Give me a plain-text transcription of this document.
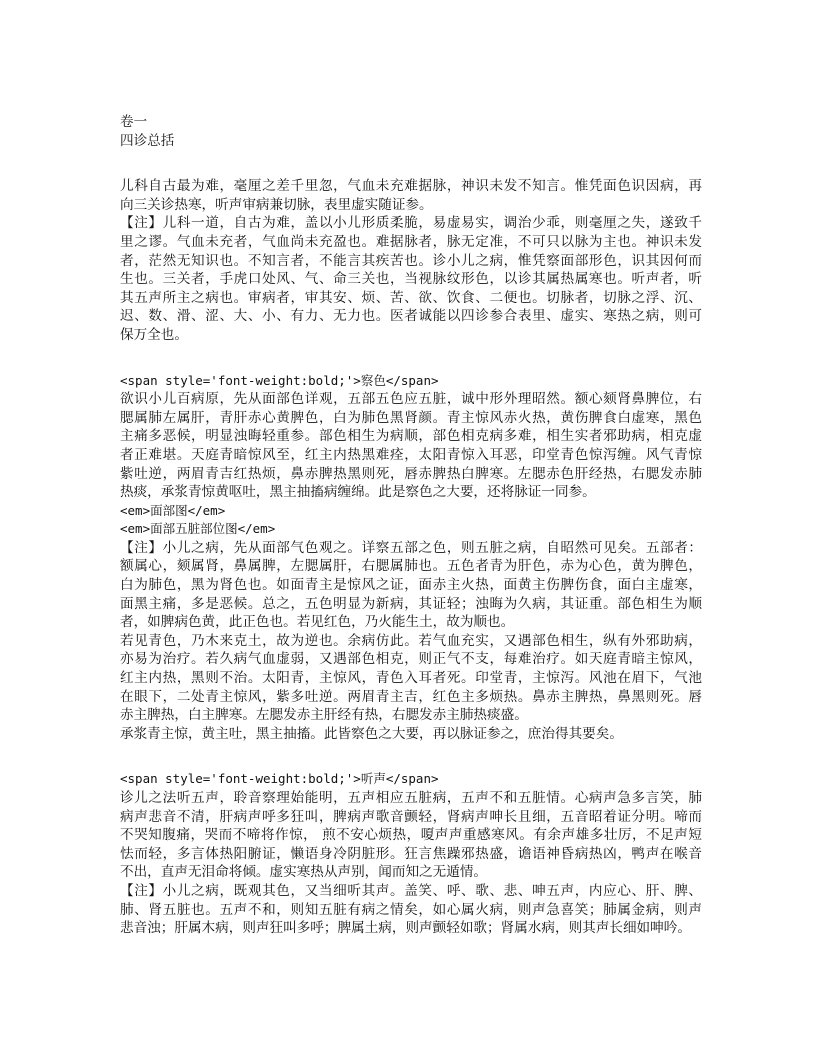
卷一
四诊总括
儿科自古最为难，毫厘之差千里忽，气血未充难据脉，神识未发不知言。惟凭面色识因病，再
向三关诊热寒，听声审病兼切脉，表里虚实随证参。
【注】儿科一道，自古为难，盖以小儿形质柔脆，易虚易实，调治少乖，则毫厘之失，遂致千
里之谬。气血未充者，气血尚未充盈也。难据脉者，脉无定准，不可只以脉为主也。神识未发
者，茫然无知识也。不知言者，不能言其疾苦也。诊小儿之病，惟凭察面部形色，识其因何而
生也。三关者，手虎口处风、气、命三关也，当视脉纹形色，以诊其属热属寒也。听声者，听
其五声所主之病也。审病者，审其安、烦、苦、欲、饮食、二便也。切脉者，切脉之浮、沉、
迟、数、滑、涩、大、小、有力、无力也。医者诚能以四诊参合表里、虚实、寒热之病，则可
保万全也。
<span style='font-weight:bold;'>察色</span>
欲识小儿百病原，先从面部色详观，五部五色应五脏，诚中形外理昭然。额心颏肾鼻脾位，右
腮属肺左属肝，青肝赤心黄脾色，白为肺色黑肾颜。青主惊风赤火热，黄伤脾食白虚寒，黑色
主痛多恶候，明显浊晦轻重参。部色相生为病顺，部色相克病多难，相生实者邪助病，相克虚
者正难堪。天庭青暗惊风至，红主内热黑难痊，太阳青惊入耳恶，印堂青色惊泻缠。风气青惊
紫吐逆，两眉青吉红热烦，鼻赤脾热黑则死，唇赤脾热白脾寒。左腮赤色肝经热，右腮发赤肺
热痰，承浆青惊黄呕吐，黑主抽搐病缠绵。此是察色之大要，还将脉证一同参。
<em>面部图</em>
<em>面部五脏部位图</em>
【注】小儿之病，先从面部气色观之。详察五部之色，则五脏之病，自昭然可见矣。五部者：
额属心，颏属肾，鼻属脾，左腮属肝，右腮属肺也。五色者青为肝色，赤为心色，黄为脾色，
白为肺色，黑为肾色也。如面青主是惊风之证，面赤主火热，面黄主伤脾伤食，面白主虚寒，
面黑主痛，多是恶候。总之，五色明显为新病，其证轻；浊晦为久病，其证重。部色相生为顺
者，如脾病色黄，此正色也。若见红色，乃火能生土，故为顺也。
若见青色，乃木来克土，故为逆也。余病仿此。若气血充实，又遇部色相生，纵有外邪助病，
亦易为治疗。若久病气血虚弱，又遇部色相克，则正气不支，每难治疗。如天庭青暗主惊风，
红主内热，黑则不治。太阳青，主惊风，青色入耳者死。印堂青，主惊泻。风池在眉下，气池
在眼下，二处青主惊风，紫多吐逆。两眉青主吉，红色主多烦热。鼻赤主脾热，鼻黑则死。唇
赤主脾热，白主脾寒。左腮发赤主肝经有热，右腮发赤主肺热痰盛。
承浆青主惊，黄主吐，黑主抽搐。此皆察色之大要，再以脉证参之，庶治得其要矣。
<span style='font-weight:bold;'>听声</span>
诊儿之法听五声，聆音察理始能明，五声相应五脏病，五声不和五脏情。心病声急多言笑，肺
病声悲音不清，肝病声呼多狂叫，脾病声歌音颤轻，肾病声呻长且细，五音昭着证分明。啼而
不哭知腹痛，哭而不啼将作惊， 煎不安心烦热，嗄声声重感寒风。有余声雄多壮厉，不足声短
怯而轻，多言体热阳腑证，懒语身冷阴脏形。狂言焦躁邪热盛，谵语神昏病热凶，鸭声在喉音
不出，直声无泪命将倾。虚实寒热从声别，闻而知之无遁情。
【注】小儿之病，既观其色，又当细听其声。盖笑、呼、歌、悲、呻五声，内应心、肝、脾、
肺、肾五脏也。五声不和，则知五脏有病之情矣，如心属火病，则声急喜笑；肺属金病，则声
悲音浊；肝属木病，则声狂叫多呼；脾属土病，则声颤轻如歌；肾属水病，则其声长细如呻吟。
